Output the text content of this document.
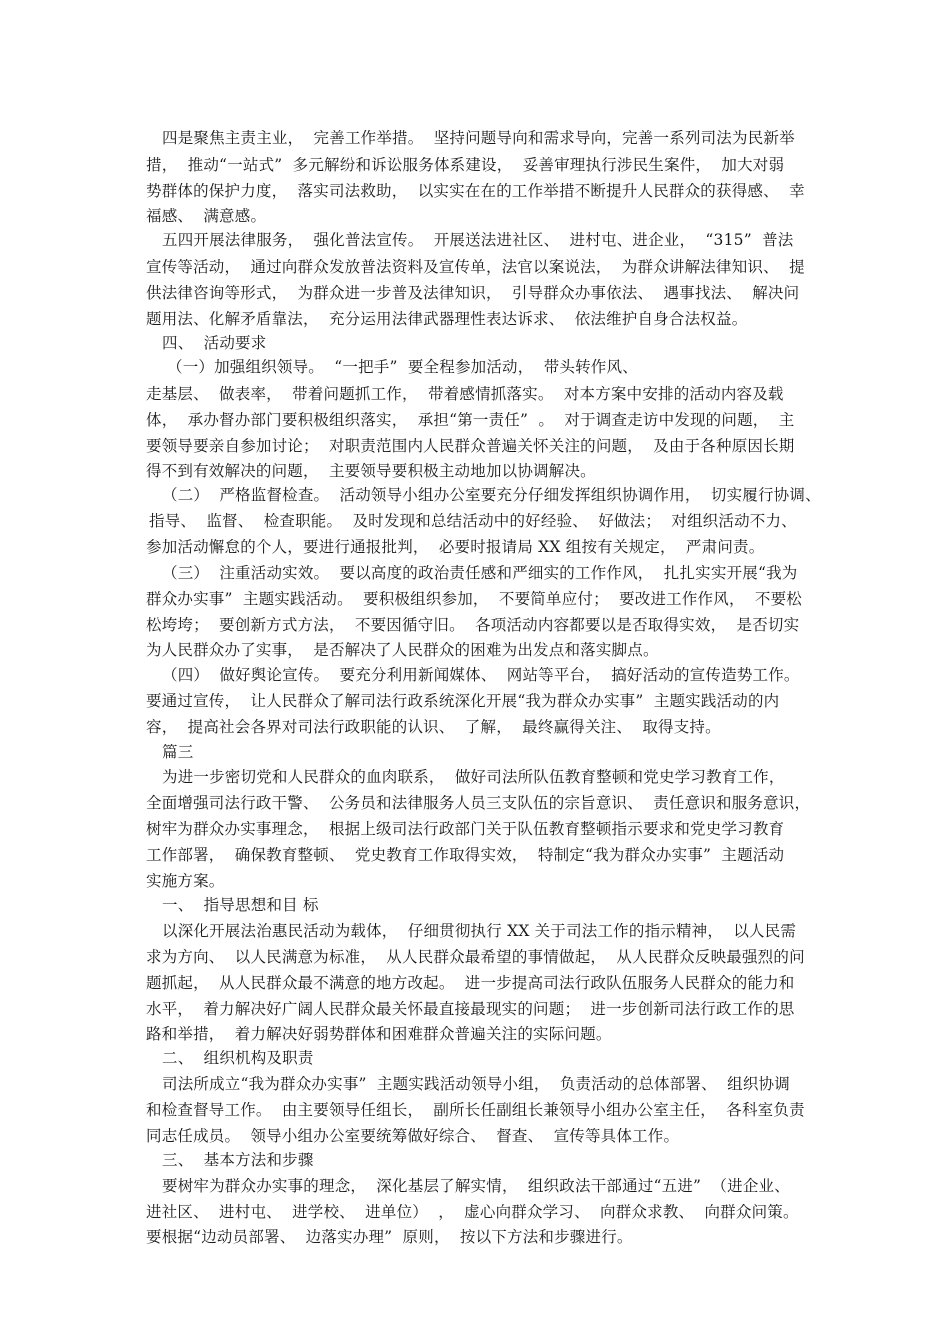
四是聚焦主责主业，  完善工作举措。  坚持问题导向和需求导向，完善一系列司法为民新举
措，  推动“一站式”  多元解纷和诉讼服务体系建设，  妥善审理执行涉民生案件，  加大对弱
势群体的保护力度，  落实司法救助，  以实实在在的工作举措不断提升人民群众的获得感、  幸
福感、  满意感。
五四开展法律服务，  强化普法宣传。  开展送法进社区、  进村屯、进企业，  “315”  普法
宣传等活动，  通过向群众发放普法资料及宣传单，法官以案说法，  为群众讲解法律知识、  提
供法律咨询等形式，  为群众进一步普及法律知识，  引导群众办事依法、  遇事找法、  解决问
题用法、化解矛盾靠法，  充分运用法律武器理性表达诉求、  依法维护自身合法权益。
四、  活动要求
（一）加强组织领导。  “一把手”  要全程参加活动，  带头转作风、
走基层、  做表率，  带着问题抓工作，  带着感情抓落实。  对本方案中安排的活动内容及载
体，  承办督办部门要积极组织落实，  承担“第一责任”  。  对于调查走访中发现的问题，  主
要领导要亲自参加讨论；  对职责范围内人民群众普遍关怀关注的问题，  及由于各种原因长期
得不到有效解决的问题，  主要领导要积极主动地加以协调解决。
（二）  严格监督检查。  活动领导小组办公室要充分仔细发挥组织协调作用，  切实履行协调、
指导、  监督、  检查职能。  及时发现和总结活动中的好经验、  好做法；  对组织活动不力、
参加活动懈怠的个人，要进行通报批判，  必要时报请局 XX 组按有关规定，  严肃问责。
（三）  注重活动实效。  要以高度的政治责任感和严细实的工作作风，  扎扎实实开展“我为
群众办实事”  主题实践活动。  要积极组织参加，  不要简单应付；  要改进工作作风，  不要松
松垮垮；  要创新方式方法，  不要因循守旧。  各项活动内容都要以是否取得实效，  是否切实
为人民群众办了实事，  是否解决了人民群众的困难为出发点和落实脚点。
（四）  做好舆论宣传。  要充分利用新闻媒体、  网站等平台，  搞好活动的宣传造势工作。
要通过宣传，  让人民群众了解司法行政系统深化开展“我为群众办实事”  主题实践活动的内
容，  提高社会各界对司法行政职能的认识、  了解，  最终赢得关注、  取得支持。
篇三
为进一步密切党和人民群众的血肉联系，  做好司法所队伍教育整顿和党史学习教育工作，
全面增强司法行政干警、  公务员和法律服务人员三支队伍的宗旨意识、  责任意识和服务意识，
树牢为群众办实事理念，  根据上级司法行政部门关于队伍教育整顿指示要求和党史学习教育
工作部署，  确保教育整顿、  党史教育工作取得实效，  特制定“我为群众办实事”  主题活动
实施方案。
一、  指导思想和目 标
以深化开展法治惠民活动为载体，  仔细贯彻执行 XX 关于司法工作的指示精神，  以人民需
求为方向、  以人民满意为标准，  从人民群众最希望的事情做起，  从人民群众反映最强烈的问
题抓起，  从人民群众最不满意的地方改起。  进一步提高司法行政队伍服务人民群众的能力和
水平，  着力解决好广阔人民群众最关怀最直接最现实的问题；  进一步创新司法行政工作的思
路和举措，  着力解决好弱势群体和困难群众普遍关注的实际问题。
二、  组织机构及职责
司法所成立“我为群众办实事”  主题实践活动领导小组，  负责活动的总体部署、  组织协调
和检查督导工作。  由主要领导任组长，  副所长任副组长兼领导小组办公室主任，  各科室负责
同志任成员。  领导小组办公室要统筹做好综合、  督查、  宣传等具体工作。
三、  基本方法和步骤
要树牢为群众办实事的理念，  深化基层了解实情，  组织政法干部通过“五进”  （进企业、
进社区、  进村屯、  进学校、  进单位）  ，  虚心向群众学习、  向群众求教、  向群众问策。
要根据“边动员部署、  边落实办理”  原则，  按以下方法和步骤进行。
